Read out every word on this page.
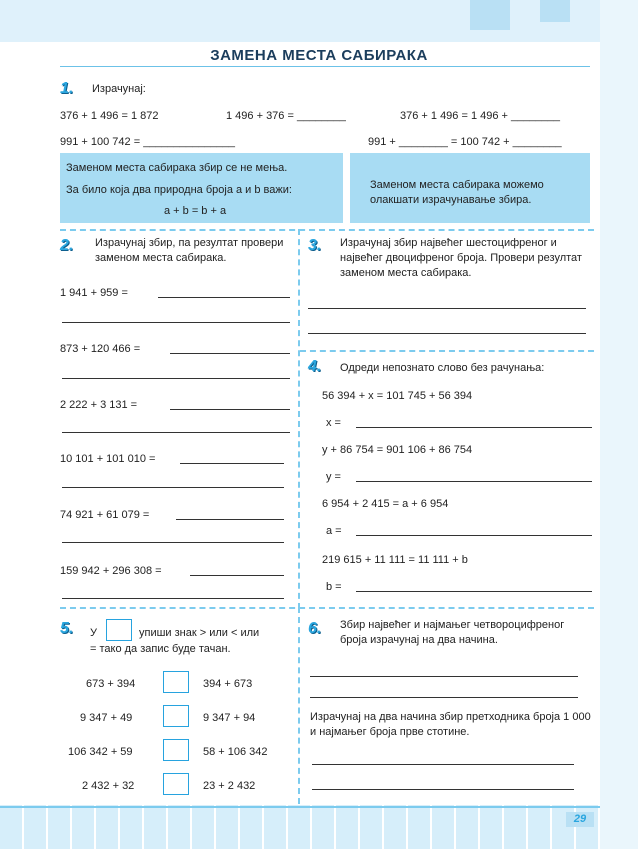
ЗАМЕНА МЕСТА САБИРАКА
1.	Израчунај:
376 + 1 496 = 1 872	1 496 + 376 = ________	376 + 1 496 = 1 496 + ________
991 + 100 742 = _______________	991 + ________ = 100 742 + ________
Заменом места сабирака збир се не мења.
За било која два природна броја a и b важи:
a + b = b + a
Заменом места сабирака можемо олакшати израчунавање збира.
2.	Израчунај збир, па резултат провери заменом места сабирака.
1 941 + 959 =
873 + 120 466 =
2 222 + 3 131 =
10 101 + 101 010 =
74 921 + 61 079 =
159 942 + 296 308 =
3.	Израчунај збир највећег шестоцифреног и највећег двоцифреног броја. Провери резултат заменом места сабирака.
4.	Одреди непознато слово без рачунања:
56 394 + x = 101 745 + 56 394
x =
y + 86 754 = 901 106 + 86 754
y =
6 954 + 2 415 = a + 6 954
a =
219 615 + 11 111 = 11 111 + b
b =
5.	У	упиши знак > или < или
= тако да запис буде тачан.
673 + 394	394 + 673
9 347 + 49	9 347 + 94
106 342 + 59	58 + 106 342
2 432 + 32	23 + 2 432
6.	Збир највећег и најмањег четвороцифреног броја израчунај на два начина.
Израчунај на два начина збир претходника броја 1 000 и најмањег броја прве стотине.
29
